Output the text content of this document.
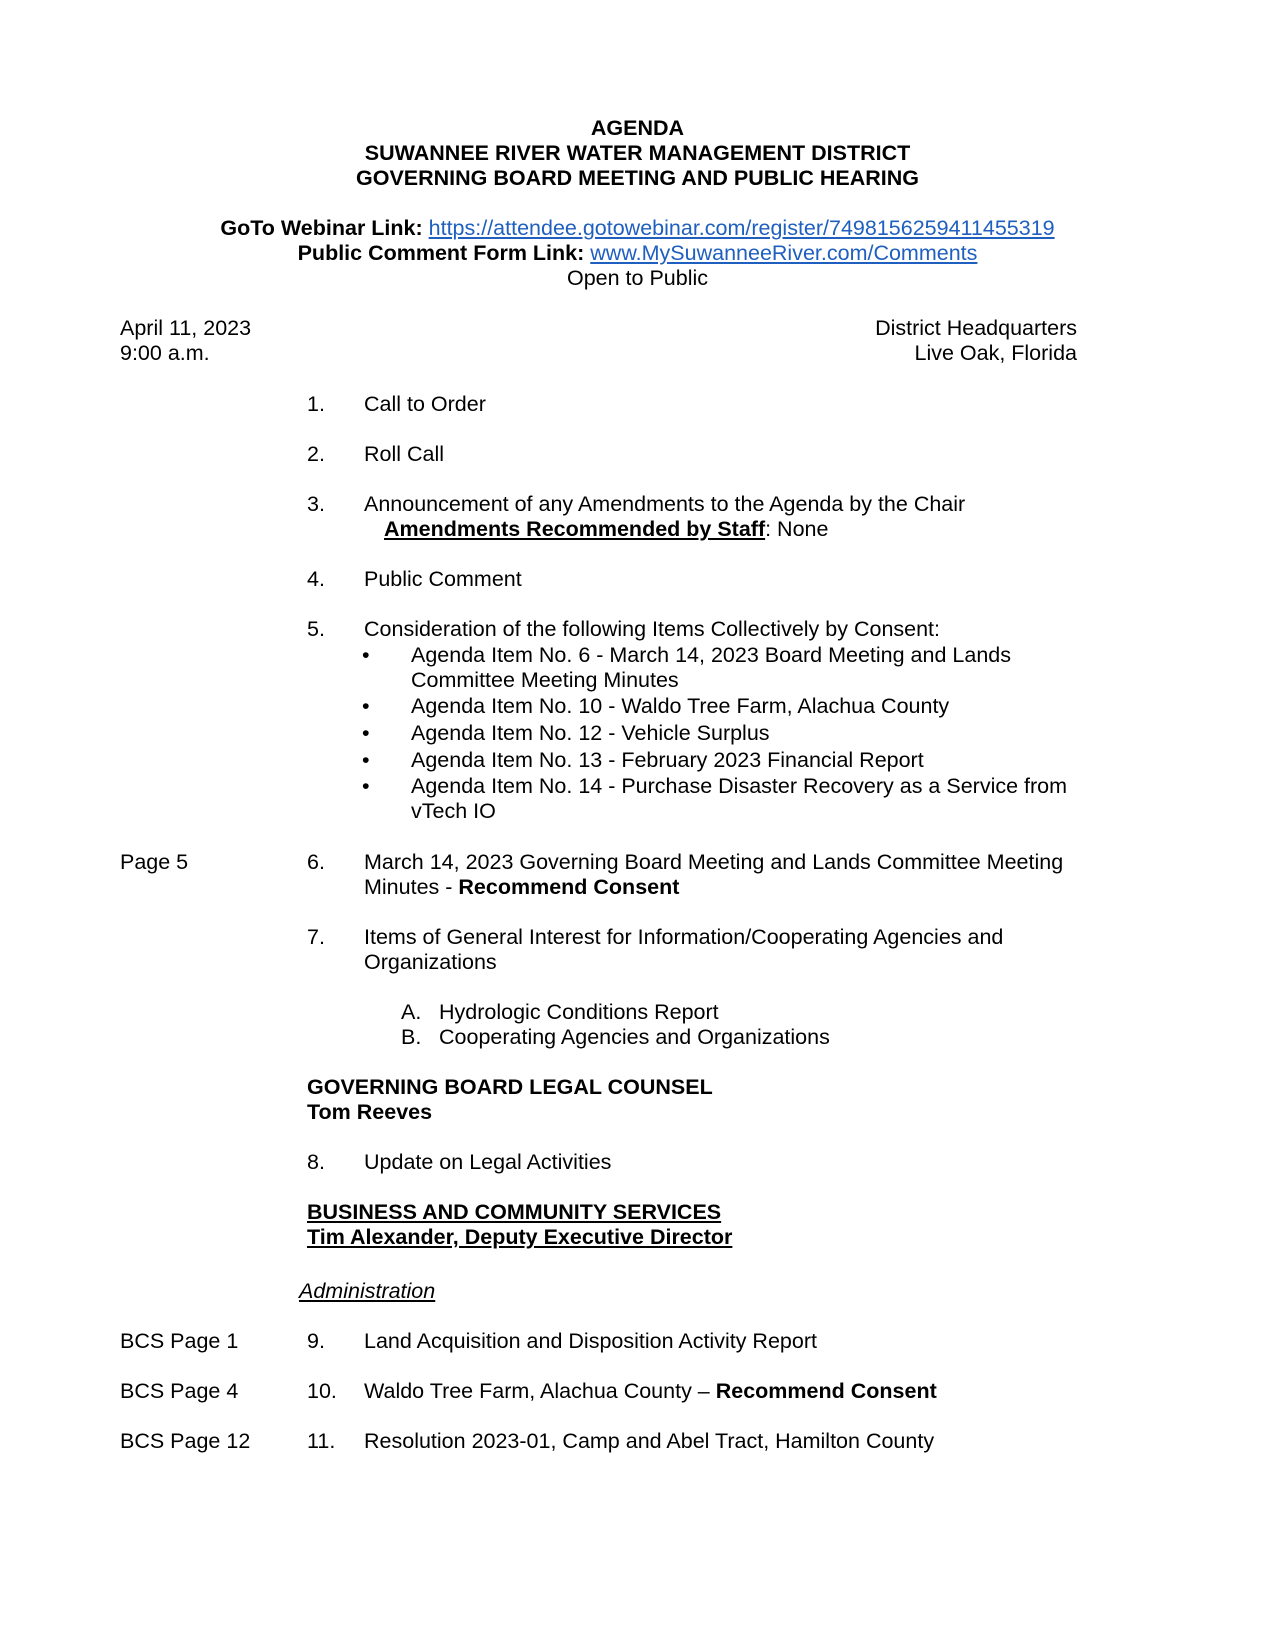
AGENDA
SUWANNEE RIVER WATER MANAGEMENT DISTRICT
GOVERNING BOARD MEETING AND PUBLIC HEARING
GoTo Webinar Link: https://attendee.gotowebinar.com/register/7498156259411455319
Public Comment Form Link: www.MySuwanneeRiver.com/Comments
Open to Public
April 11, 2023
9:00 a.m.
District Headquarters
Live Oak, Florida
1. Call to Order
2. Roll Call
3. Announcement of any Amendments to the Agenda by the Chair
Amendments Recommended by Staff: None
4. Public Comment
5. Consideration of the following Items Collectively by Consent:
• Agenda Item No. 6 - March 14, 2023 Board Meeting and Lands
Committee Meeting Minutes
• Agenda Item No. 10 - Waldo Tree Farm, Alachua County
• Agenda Item No. 12 - Vehicle Surplus
• Agenda Item No. 13 - February 2023 Financial Report
• Agenda Item No. 14 - Purchase Disaster Recovery as a Service from
vTech IO
Page 5	6. March 14, 2023 Governing Board Meeting and Lands Committee Meeting
Minutes - Recommend Consent
7. Items of General Interest for Information/Cooperating Agencies and
Organizations
A. Hydrologic Conditions Report
B. Cooperating Agencies and Organizations
GOVERNING BOARD LEGAL COUNSEL
Tom Reeves
8. Update on Legal Activities
BUSINESS AND COMMUNITY SERVICES
Tim Alexander, Deputy Executive Director
Administration
BCS Page 1	9. Land Acquisition and Disposition Activity Report
BCS Page 4	10. Waldo Tree Farm, Alachua County – Recommend Consent
BCS Page 12	11. Resolution 2023-01, Camp and Abel Tract, Hamilton County
